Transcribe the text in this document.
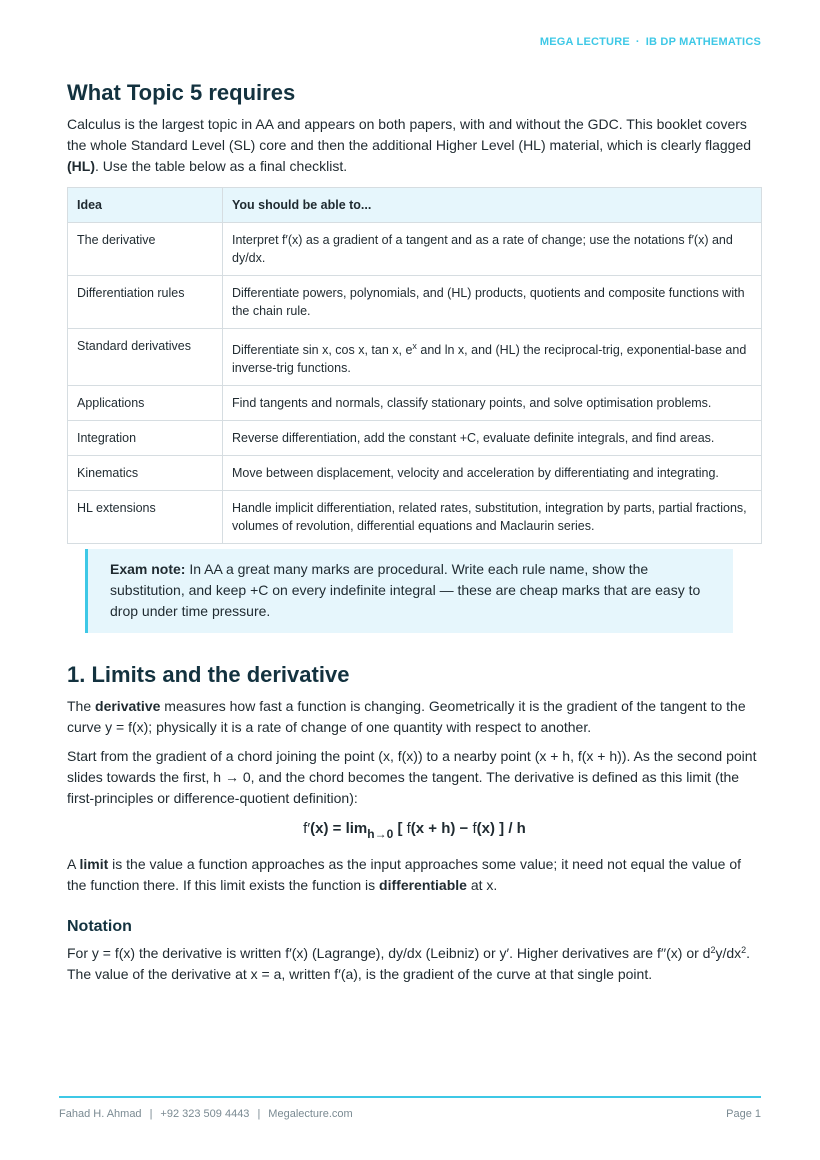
MEGA LECTURE · IB DP MATHEMATICS
What Topic 5 requires

Calculus is the largest topic in AA and appears on both papers, with and without the GDC. This booklet covers the whole Standard Level (SL) core and then the additional Higher Level (HL) material, which is clearly flagged (HL). Use the table below as a final checklist.

Idea	You should be able to...
The derivative	Interpret f′(x) as a gradient of a tangent and as a rate of change; use the notations f′(x) and dy/dx.
Differentiation rules	Differentiate powers, polynomials, and (HL) products, quotients and composite functions with the chain rule.
Standard derivatives	Differentiate sin x, cos x, tan x, $e^x$ and ln x, and (HL) the reciprocal-trig, exponential-base and inverse-trig functions.
Applications	Find tangents and normals, classify stationary points, and solve optimisation problems.
Integration	Reverse differentiation, add the constant +C, evaluate definite integrals, and find areas.
Kinematics	Move between displacement, velocity and acceleration by differentiating and integrating.
HL extensions	Handle implicit differentiation, related rates, substitution, integration by parts, partial fractions, volumes of revolution, differential equations and Maclaurin series.
Exam note: In AA a great many marks are procedural. Write each rule name, show the substitution, and keep +C on every indefinite integral — these are cheap marks that are easy to drop under time pressure.
1. Limits and the derivative

The derivative measures how fast a function is changing. Geometrically it is the gradient of the tangent to the curve y = f(x); physically it is a rate of change of one quantity with respect to another.

Start from the gradient of a chord joining the point (x, f(x)) to a nearby point (x + h, f(x + h)). As the second point slides towards the first, h → 0, and the chord becomes the tangent. The derivative is defined as this limit (the first-principles or difference-quotient definition):

$f'(x) = \lim_{h\to 0}$ [ f(x + h) − f(x) ] / h

A limit is the value a function approaches as the input approaches some value; it need not equal the value of the function there. If this limit exists the function is differentiable at x.

Notation

For y = f(x) the derivative is written f′(x) (Lagrange), dy/dx (Leibniz) or y′. Higher derivatives are f′′(x) or $d^2y/dx^2$. The value of the derivative at x = a, written f′(a), is the gradient of the curve at that single point.

Fahad H. Ahmad | +92 323 509 4443 | Megalecture.com	Page 1
